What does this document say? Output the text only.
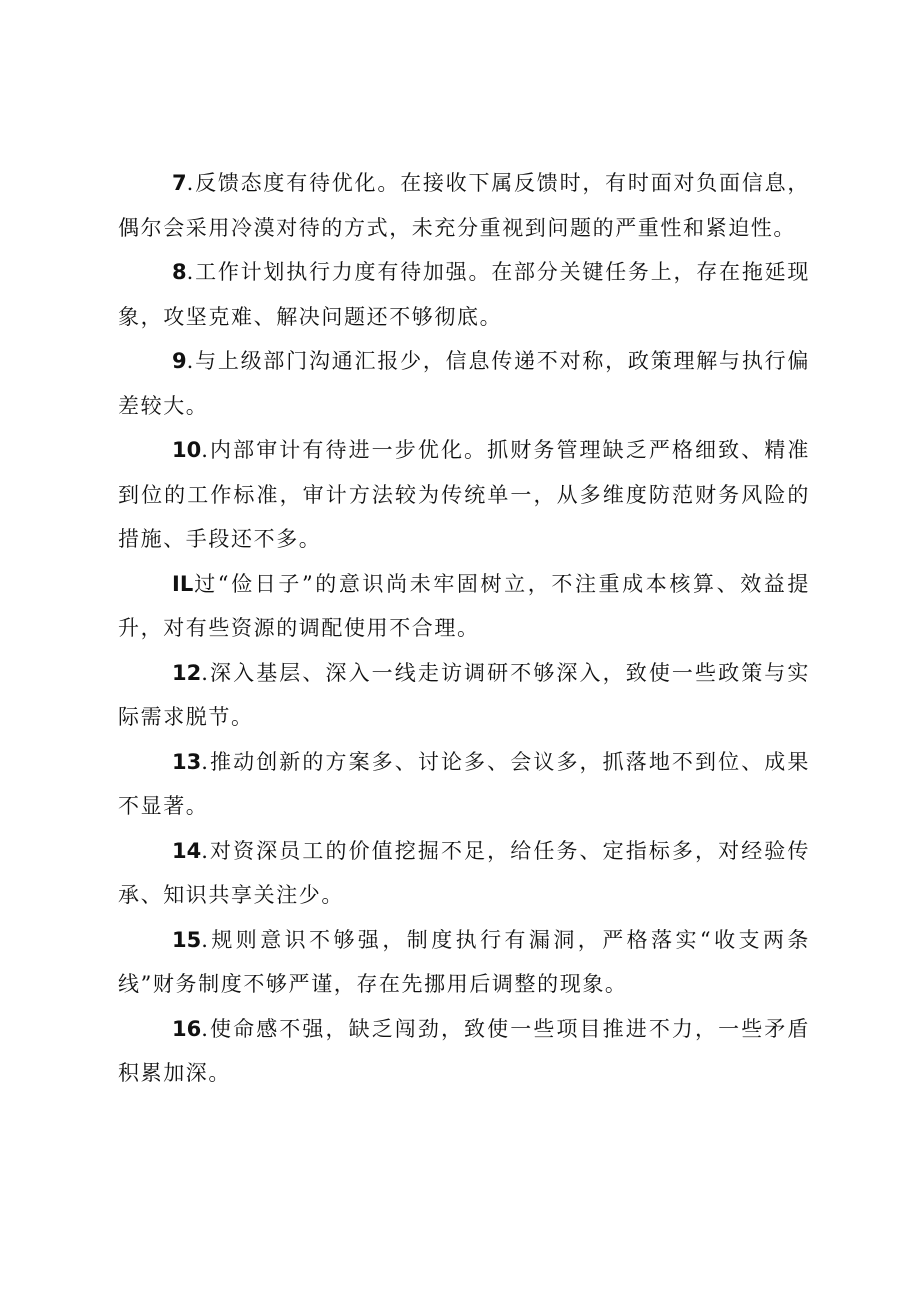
7.反馈态度有待优化。在接收下属反馈时，有时面对负面信息，偶尔会采用冷漠对待的方式，未充分重视到问题的严重性和紧迫性。

8.工作计划执行力度有待加强。在部分关键任务上，存在拖延现象，攻坚克难、解决问题还不够彻底。

9.与上级部门沟通汇报少，信息传递不对称，政策理解与执行偏差较大。

10.内部审计有待进一步优化。抓财务管理缺乏严格细致、精准到位的工作标准，审计方法较为传统单一，从多维度防范财务风险的措施、手段还不多。

IL过“俭日子”的意识尚未牢固树立，不注重成本核算、效益提升，对有些资源的调配使用不合理。

12.深入基层、深入一线走访调研不够深入，致使一些政策与实际需求脱节。

13.推动创新的方案多、讨论多、会议多，抓落地不到位、成果不显著。

14.对资深员工的价值挖掘不足，给任务、定指标多，对经验传承、知识共享关注少。

15.规则意识不够强，制度执行有漏洞，严格落实“收支两条线”财务制度不够严谨，存在先挪用后调整的现象。

16.使命感不强，缺乏闯劲，致使一些项目推进不力，一些矛盾积累加深。
